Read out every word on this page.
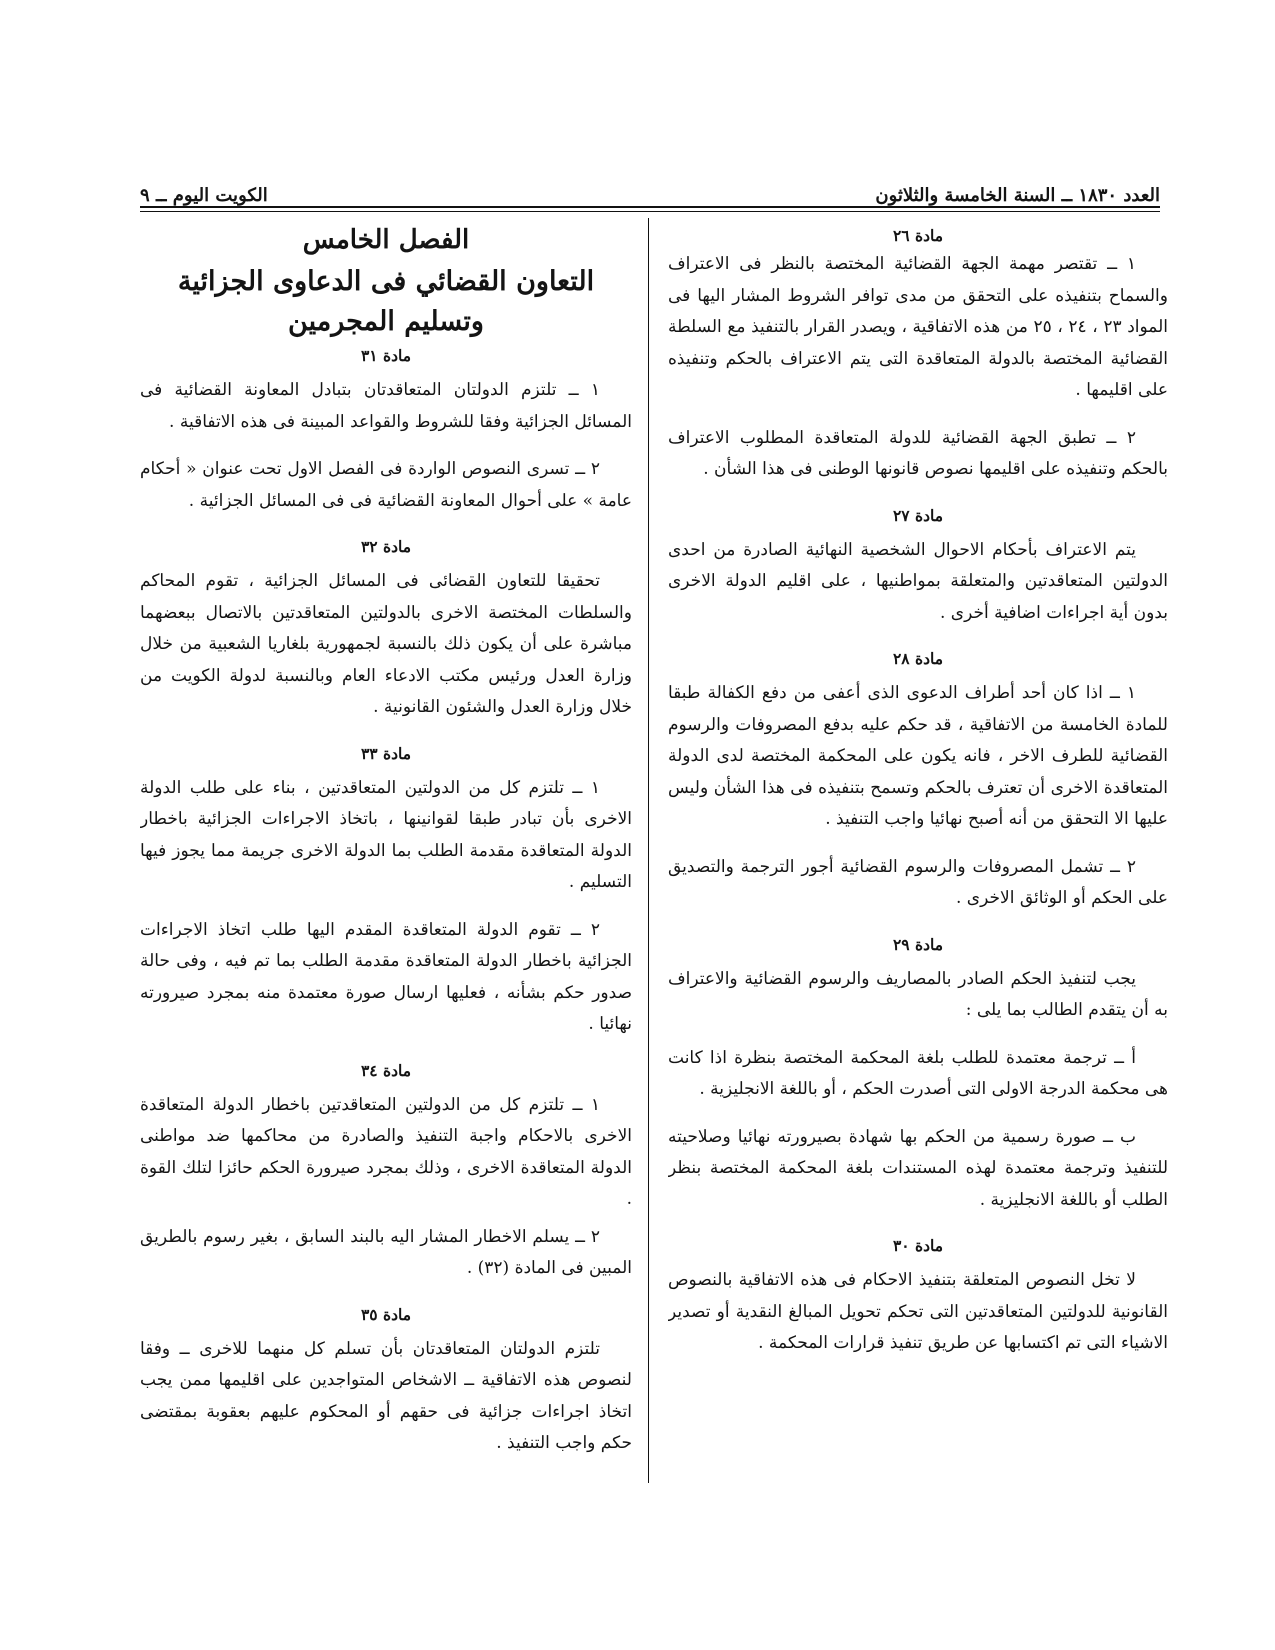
العدد ١٨٣٠ ــ السنة الخامسة والثلاثون
الكويت اليوم ــ ٩

مادة ٢٦

١ ــ تقتصر مهمة الجهة القضائية المختصة بالنظر فى الاعتراف والسماح بتنفيذه على التحقق من مدى توافر الشروط المشار اليها فى المواد ٢٣ ، ٢٤ ، ٢٥ من هذه الاتفاقية ، ويصدر القرار بالتنفيذ مع السلطة القضائية المختصة بالدولة المتعاقدة التى يتم الاعتراف بالحكم وتنفيذه على اقليمها .

٢ ــ تطبق الجهة القضائية للدولة المتعاقدة المطلوب الاعتراف بالحكم وتنفيذه على اقليمها نصوص قانونها الوطنى فى هذا الشأن .

مادة ٢٧

يتم الاعتراف بأحكام الاحوال الشخصية النهائية الصادرة من احدى الدولتين المتعاقدتين والمتعلقة بمواطنيها ، على اقليم الدولة الاخرى بدون أية اجراءات اضافية أخرى .

مادة ٢٨

١ ــ اذا كان أحد أطراف الدعوى الذى أعفى من دفع الكفالة طبقا للمادة الخامسة من الاتفاقية ، قد حكم عليه بدفع المصروفات والرسوم القضائية للطرف الاخر ، فانه يكون على المحكمة المختصة لدى الدولة المتعاقدة الاخرى أن تعترف بالحكم وتسمح بتنفيذه فى هذا الشأن وليس عليها الا التحقق من أنه أصبح نهائيا واجب التنفيذ .

٢ ــ تشمل المصروفات والرسوم القضائية أجور الترجمة والتصديق على الحكم أو الوثائق الاخرى .

مادة ٢٩

يجب لتنفيذ الحكم الصادر بالمصاريف والرسوم القضائية والاعتراف به أن يتقدم الطالب بما يلى :

أ ــ ترجمة معتمدة للطلب بلغة المحكمة المختصة بنظرة اذا كانت هى محكمة الدرجة الاولى التى أصدرت الحكم ، أو باللغة الانجليزية .

ب ــ صورة رسمية من الحكم بها شهادة بصيرورته نهائيا وصلاحيته للتنفيذ وترجمة معتمدة لهذه المستندات بلغة المحكمة المختصة بنظر الطلب أو باللغة الانجليزية .

مادة ٣٠

لا تخل النصوص المتعلقة بتنفيذ الاحكام فى هذه الاتفاقية بالنصوص القانونية للدولتين المتعاقدتين التى تحكم تحويل المبالغ النقدية أو تصدير الاشياء التى تم اكتسابها عن طريق تنفيذ قرارات المحكمة .

الفصل الخامس

التعاون القضائي فى الدعاوى الجزائية وتسليم المجرمين

مادة ٣١

١ ــ تلتزم الدولتان المتعاقدتان بتبادل المعاونة القضائية فى المسائل الجزائية وفقا للشروط والقواعد المبينة فى هذه الاتفاقية .

٢ ــ تسرى النصوص الواردة فى الفصل الاول تحت عنوان « أحكام عامة » على أحوال المعاونة القضائية فى فى المسائل الجزائية .

مادة ٣٢

تحقيقا للتعاون القضائى فى المسائل الجزائية ، تقوم المحاكم والسلطات المختصة الاخرى بالدولتين المتعاقدتين بالاتصال ببعضهما مباشرة على أن يكون ذلك بالنسبة لجمهورية بلغاريا الشعبية من خلال وزارة العدل ورئيس مكتب الادعاء العام وبالنسبة لدولة الكويت من خلال وزارة العدل والشئون القانونية .

مادة ٣٣

١ ــ تلتزم كل من الدولتين المتعاقدتين ، بناء على طلب الدولة الاخرى بأن تبادر طبقا لقوانينها ، باتخاذ الاجراءات الجزائية باخطار الدولة المتعاقدة مقدمة الطلب بما الدولة الاخرى جريمة مما يجوز فيها التسليم .

٢ ــ تقوم الدولة المتعاقدة المقدم اليها طلب اتخاذ الاجراءات الجزائية باخطار الدولة المتعاقدة مقدمة الطلب بما تم فيه ، وفى حالة صدور حكم بشأنه ، فعليها ارسال صورة معتمدة منه بمجرد صيرورته نهائيا .

مادة ٣٤

١ ــ تلتزم كل من الدولتين المتعاقدتين باخطار الدولة المتعاقدة الاخرى بالاحكام واجبة التنفيذ والصادرة من محاكمها ضد مواطنى الدولة المتعاقدة الاخرى ، وذلك بمجرد صيرورة الحكم حائزا لتلك القوة .

٢ ــ يسلم الاخطار المشار اليه بالبند السابق ، بغير رسوم بالطريق المبين فى المادة (٣٢) .

مادة ٣٥

تلتزم الدولتان المتعاقدتان بأن تسلم كل منهما للاخرى ــ وفقا لنصوص هذه الاتفاقية ــ الاشخاص المتواجدين على اقليمها ممن يجب اتخاذ اجراءات جزائية فى حقهم أو المحكوم عليهم بعقوبة بمقتضى حكم واجب التنفيذ .
